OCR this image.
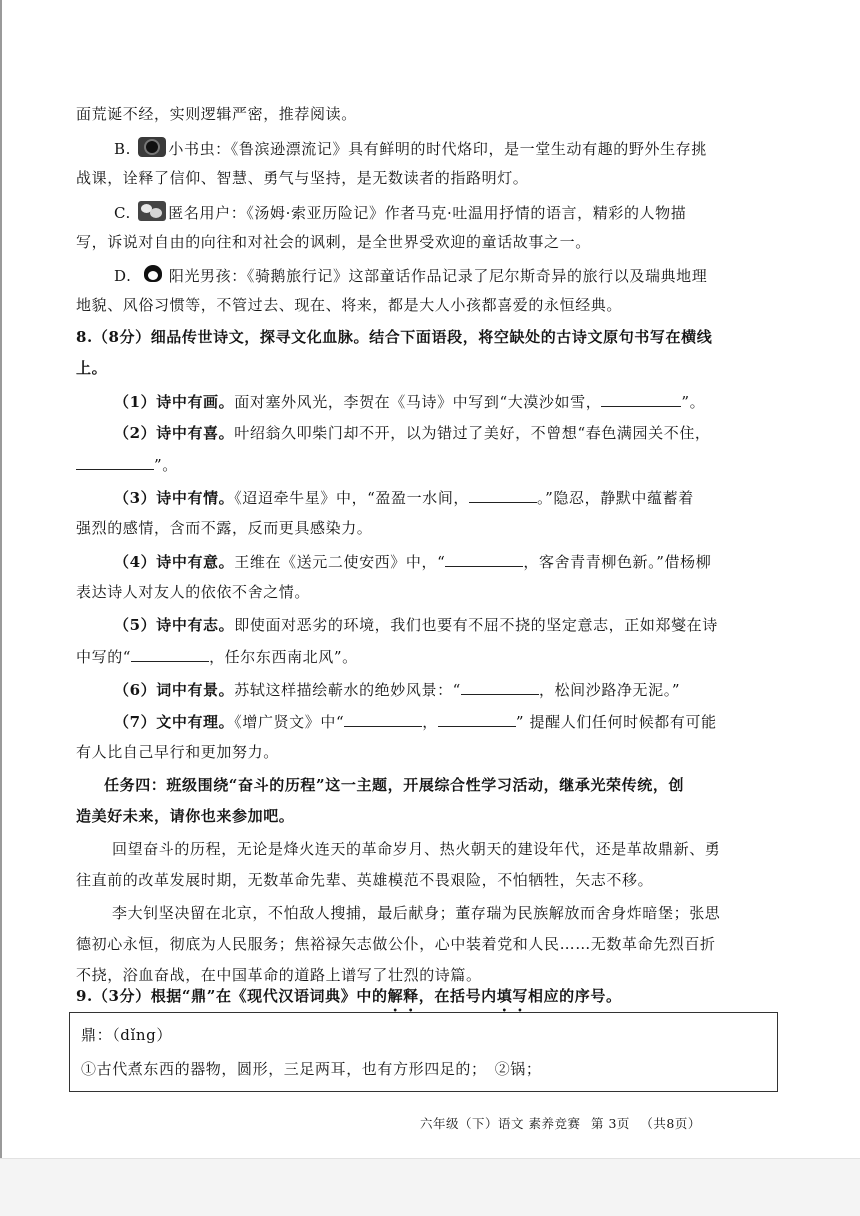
面荒诞不经，实则逻辑严密，推荐阅读。
B. 小书虫：《鲁滨逊漂流记》具有鲜明的时代烙印，是一堂生动有趣的野外生存挑
战课，诠释了信仰、智慧、勇气与坚持，是无数读者的指路明灯。
C. 匿名用户：《汤姆·索亚历险记》作者马克·吐温用抒情的语言，精彩的人物描
写，诉说对自由的向往和对社会的讽刺，是全世界受欢迎的童话故事之一。
D. 阳光男孩：《骑鹅旅行记》这部童话作品记录了尼尔斯奇异的旅行以及瑞典地理
地貌、风俗习惯等，不管过去、现在、将来，都是大人小孩都喜爱的永恒经典。
8.（8分）细品传世诗文，探寻文化血脉。结合下面语段，将空缺处的古诗文原句书写在横线
上。
（1）诗中有画。面对塞外风光，李贺在《马诗》中写到“大漠沙如雪，	”。
（2）诗中有喜。叶绍翁久叩柴门却不开，以为错过了美好，不曾想“春色满园关不住，
”。
（3）诗中有情。《迢迢牵牛星》中，“盈盈一水间，	。”隐忍，静默中蕴蓄着
强烈的感情，含而不露，反而更具感染力。
（4）诗中有意。王维在《送元二使安西》中，“	，客舍青青柳色新。”借杨柳
表达诗人对友人的依依不舍之情。
（5）诗中有志。即使面对恶劣的环境，我们也要有不屈不挠的坚定意志，正如郑燮在诗
中写的“	，任尔东西南北风”。
（6）词中有景。苏轼这样描绘蕲水的绝妙风景：“	，松间沙路净无泥。”
（7）文中有理。《增广贤文》中“	，	” 提醒人们任何时候都有可能
有人比自己早行和更加努力。
任务四：班级围绕“奋斗的历程”这一主题，开展综合性学习活动，继承光荣传统，创
造美好未来，请你也来参加吧。
回望奋斗的历程，无论是烽火连天的革命岁月、热火朝天的建设年代，还是革故鼎新、勇
往直前的改革发展时期，无数革命先辈、英雄模范不畏艰险，不怕牺牲，矢志不移。
李大钊坚决留在北京，不怕敌人搜捕，最后献身；董存瑞为民族解放而舍身炸暗堡；张思
德初心永恒，彻底为人民服务；焦裕禄矢志做公仆，心中装着党和人民……无数革命先烈百折
不挠，浴血奋战，在中国革命的道路上谱写了壮烈的诗篇。
9.（3分）根据“鼎”在《现代汉语词典》中的解释，在括号内填写相应的序号。
鼎：（dǐng）
①古代煮东西的器物，圆形，三足两耳，也有方形四足的；　②锅；
六年级（下）语文 素养竞赛 第 3页 （共8页）
